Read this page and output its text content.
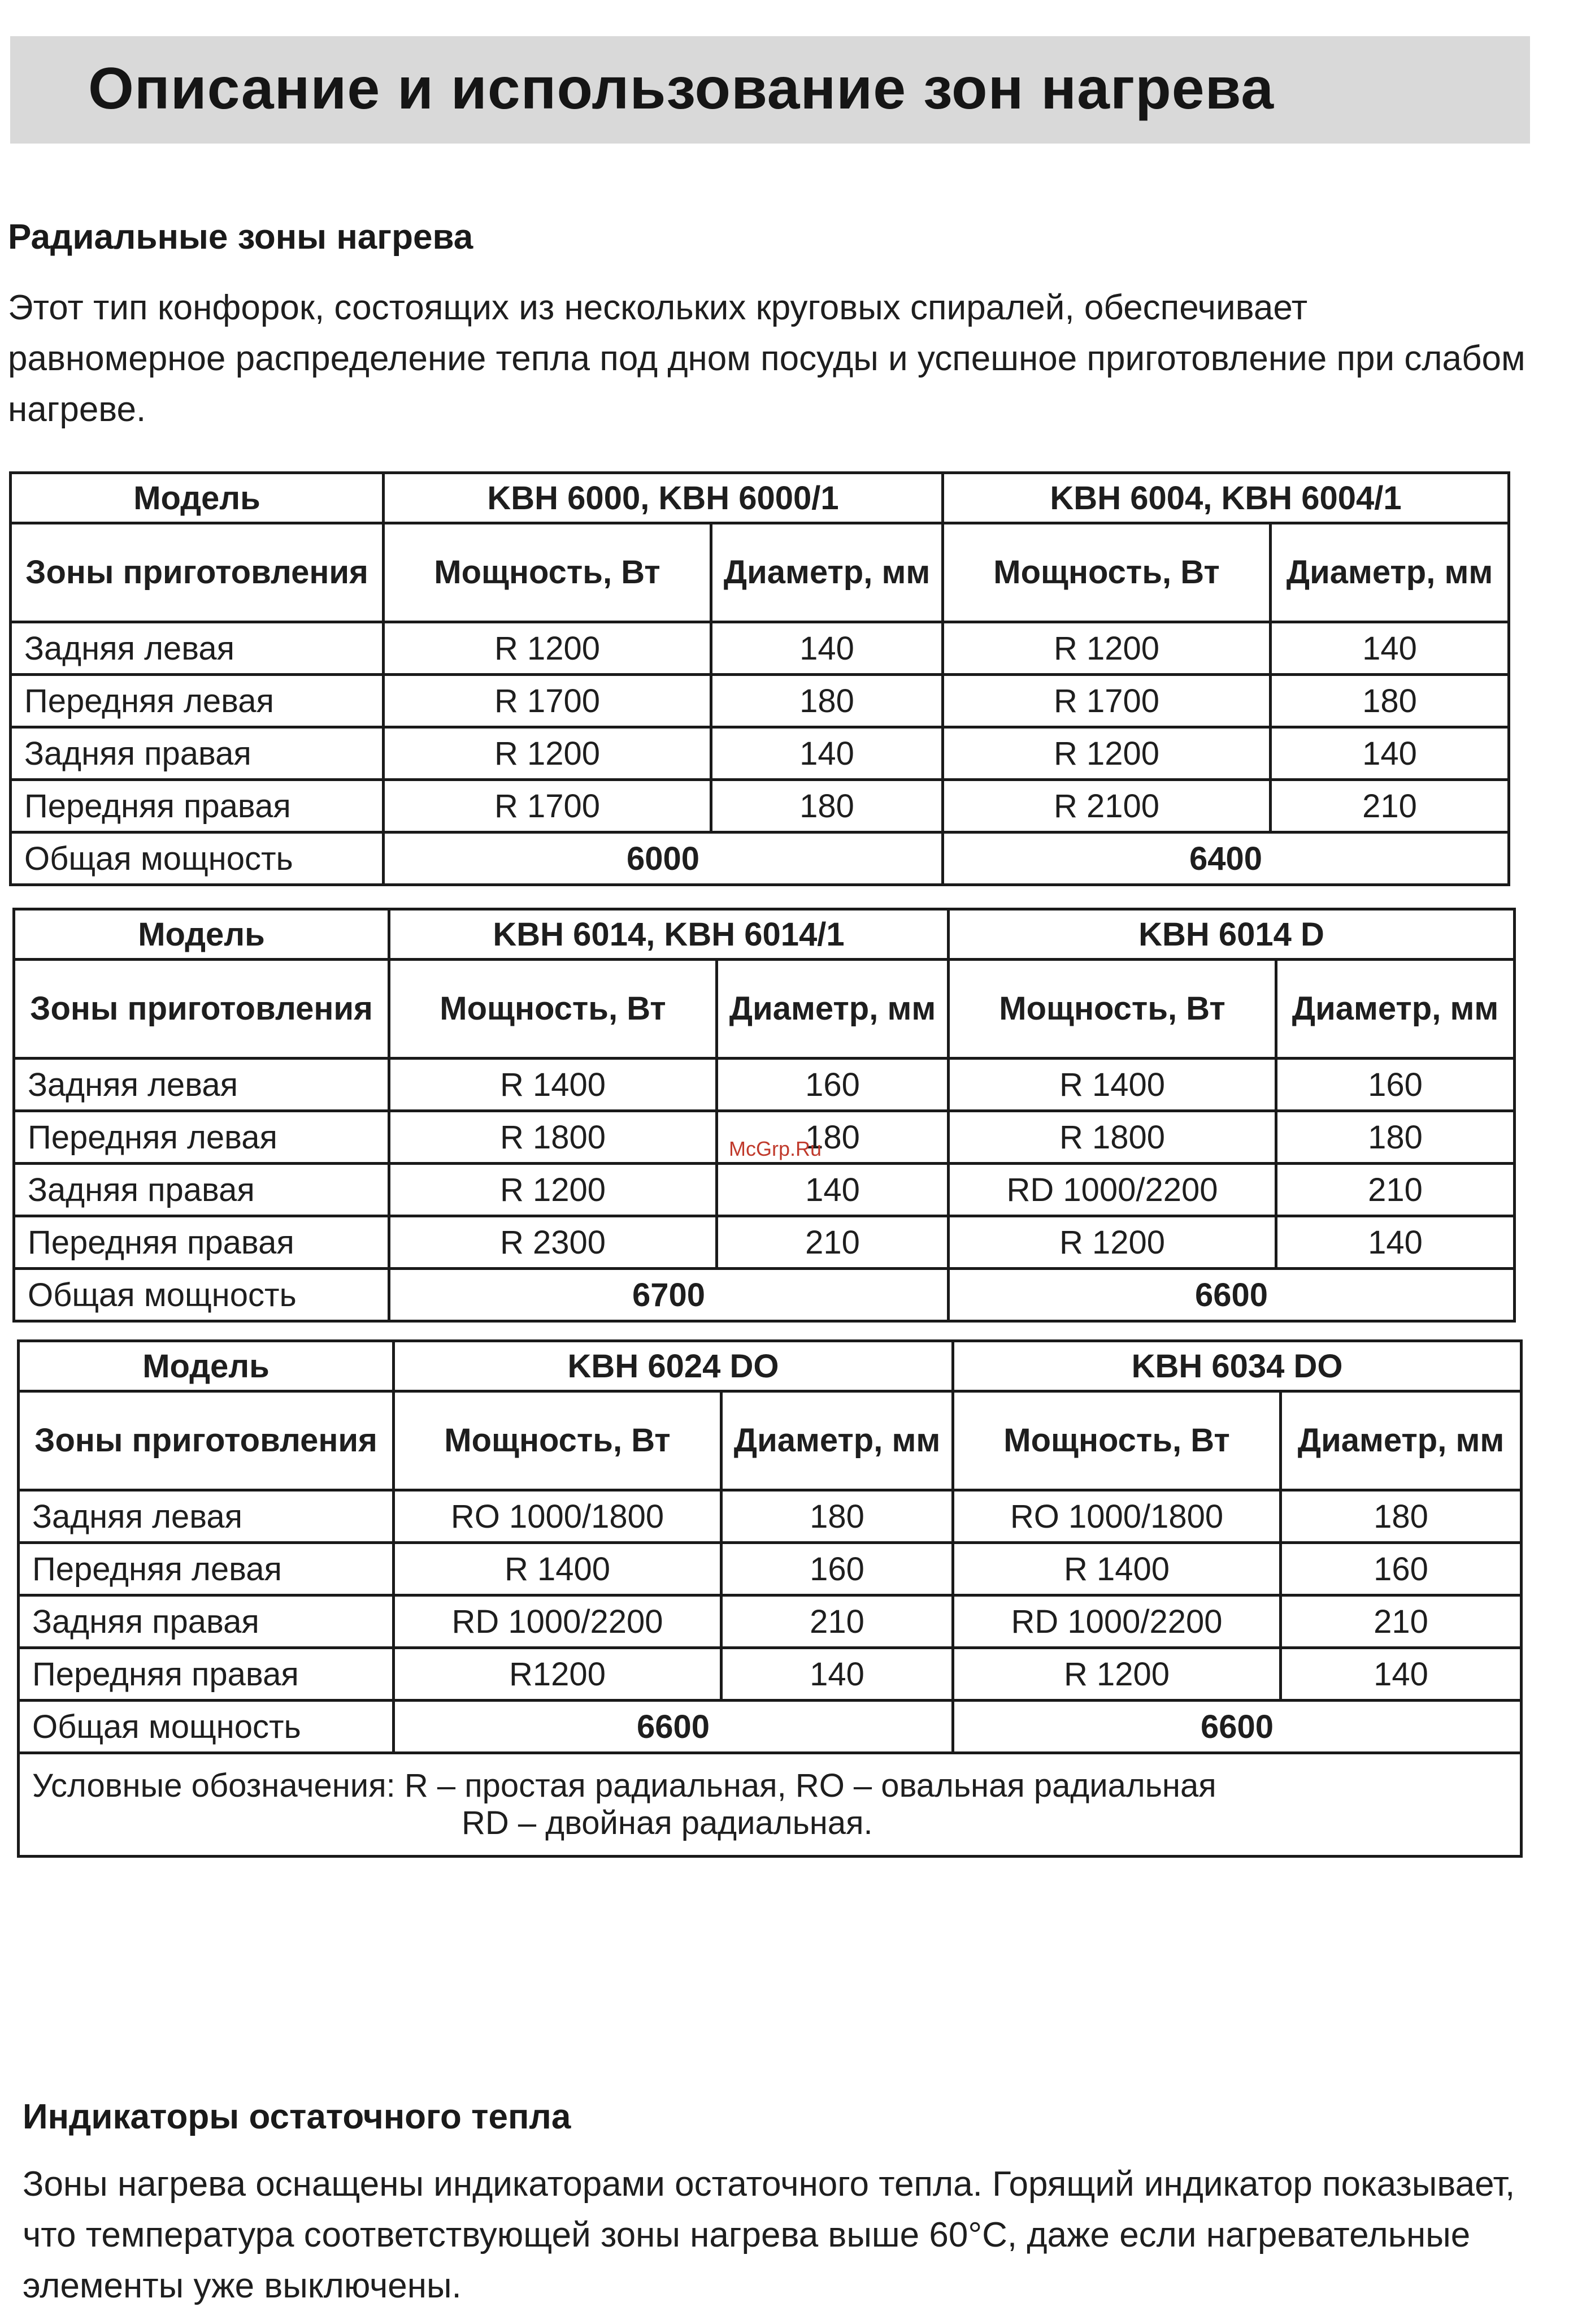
Описание и использование зон нагрева
Радиальные зоны нагрева

Этот тип конфорок, состоящих из нескольких круговых спиралей, обеспечивает равномерное распределение тепла под дном посуды и успешное приготовление при слабом нагреве.

Модель	KBH 6000, KBH 6000/1		KBH 6004, KBH 6004/1	
Зоны приготовления	Мощность, Вт	Диаметр, мм	Мощность, Вт	Диаметр, мм
Задняя левая	R 1200	140	R 1200	140
Передняя левая	R 1700	180	R 1700	180
Задняя правая	R 1200	140	R 1200	140
Передняя правая	R 1700	180	R 2100	210
Общая мощность	6000		6400	
Модель	KBH 6014, KBH 6014/1		KBH 6014 D	
Зоны приготовления	Мощность, Вт	Диаметр, мм	Мощность, Вт	Диаметр, мм
Задняя левая	R 1400	160	R 1400	160
Передняя левая	R 1800	180	R 1800	180
Задняя правая	R 1200	140	RD 1000/2200	210
Передняя правая	R 2300	210	R 1200	140
Общая мощность	6700		6600	
McGrp.Ru
Модель	KBH 6024 DO		KBH 6034 DO	
Зоны приготовления	Мощность, Вт	Диаметр, мм	Мощность, Вт	Диаметр, мм
Задняя левая	RO 1000/1800	180	RO 1000/1800	180
Передняя левая	R 1400	160	R 1400	160
Задняя правая	RD 1000/2200	210	RD 1000/2200	210
Передняя правая	R1200	140	R 1200	140
Общая мощность	6600		6600	

Условные обозначения: R – простая радиальная, RO – овальная радиальная
RD – двойная радиальная.				
Индикаторы остаточного тепла

Зоны нагрева оснащены индикаторами остаточного тепла. Горящий индикатор показывает, что температура соответствующей зоны нагрева выше 60°C, даже если нагревательные элементы уже выключены.
